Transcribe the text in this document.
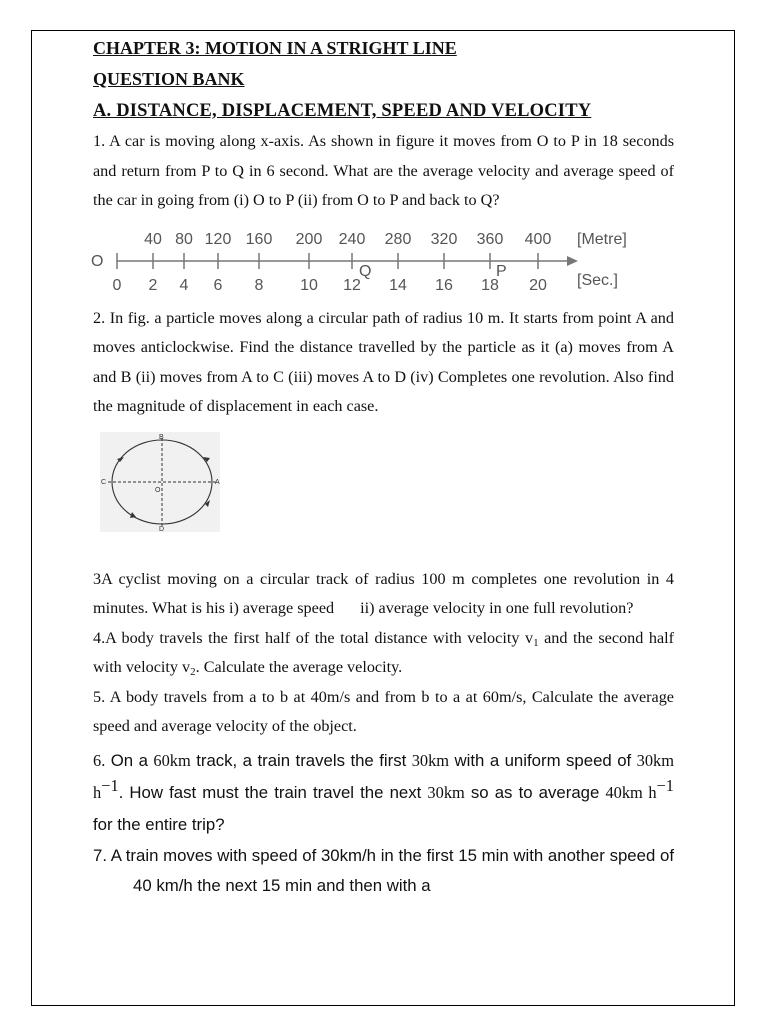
CHAPTER 3: MOTION IN A STRIGHT LINE

QUESTION BANK

A. DISTANCE, DISPLACEMENT, SPEED AND VELOCITY

1. A car is moving along x-axis. As shown in figure it moves from O to P in 18 seconds and return from P to Q in 6 second. What are the average velocity and average speed of the car in going from (i) O to P (ii) from O to P and back to Q?

O
[Metre]
[Sec.]
Q	P
40 80 120 160 200 240 280 320 360 400
0 2 4 6 8 10 12 14 16 18 20

2. In fig. a particle moves along a circular path of radius 10 m. It starts from point A and moves anticlockwise. Find the distance travelled by the particle as it (a) moves from A and B (ii) moves from A to C (iii) moves A to D (iv) Completes one revolution. Also find the magnitude of displacement in each case.

B
D
C	A
O

3A cyclist moving on a circular track of radius 100 m completes one revolution in 4 minutes. What is his i) average speed ii) average velocity in one full revolution?

4.A body travels the first half of the total distance with velocity $v_1$ and the second half with velocity $v_2$. Calculate the average velocity.

5. A body travels from a to b at 40m/s and from b to a at 60m/s, Calculate the average speed and average velocity of the object.

6. On a 60km track, a train travels the first 30km with a uniform speed of 30km $h^{-1}$. How fast must the train travel the next 30km so as to average 40km $h^{-1}$ for the entire trip?

7. A train moves with speed of 30km/h in the first 15 min with another speed of40 km/h the next 15 min and then with a
